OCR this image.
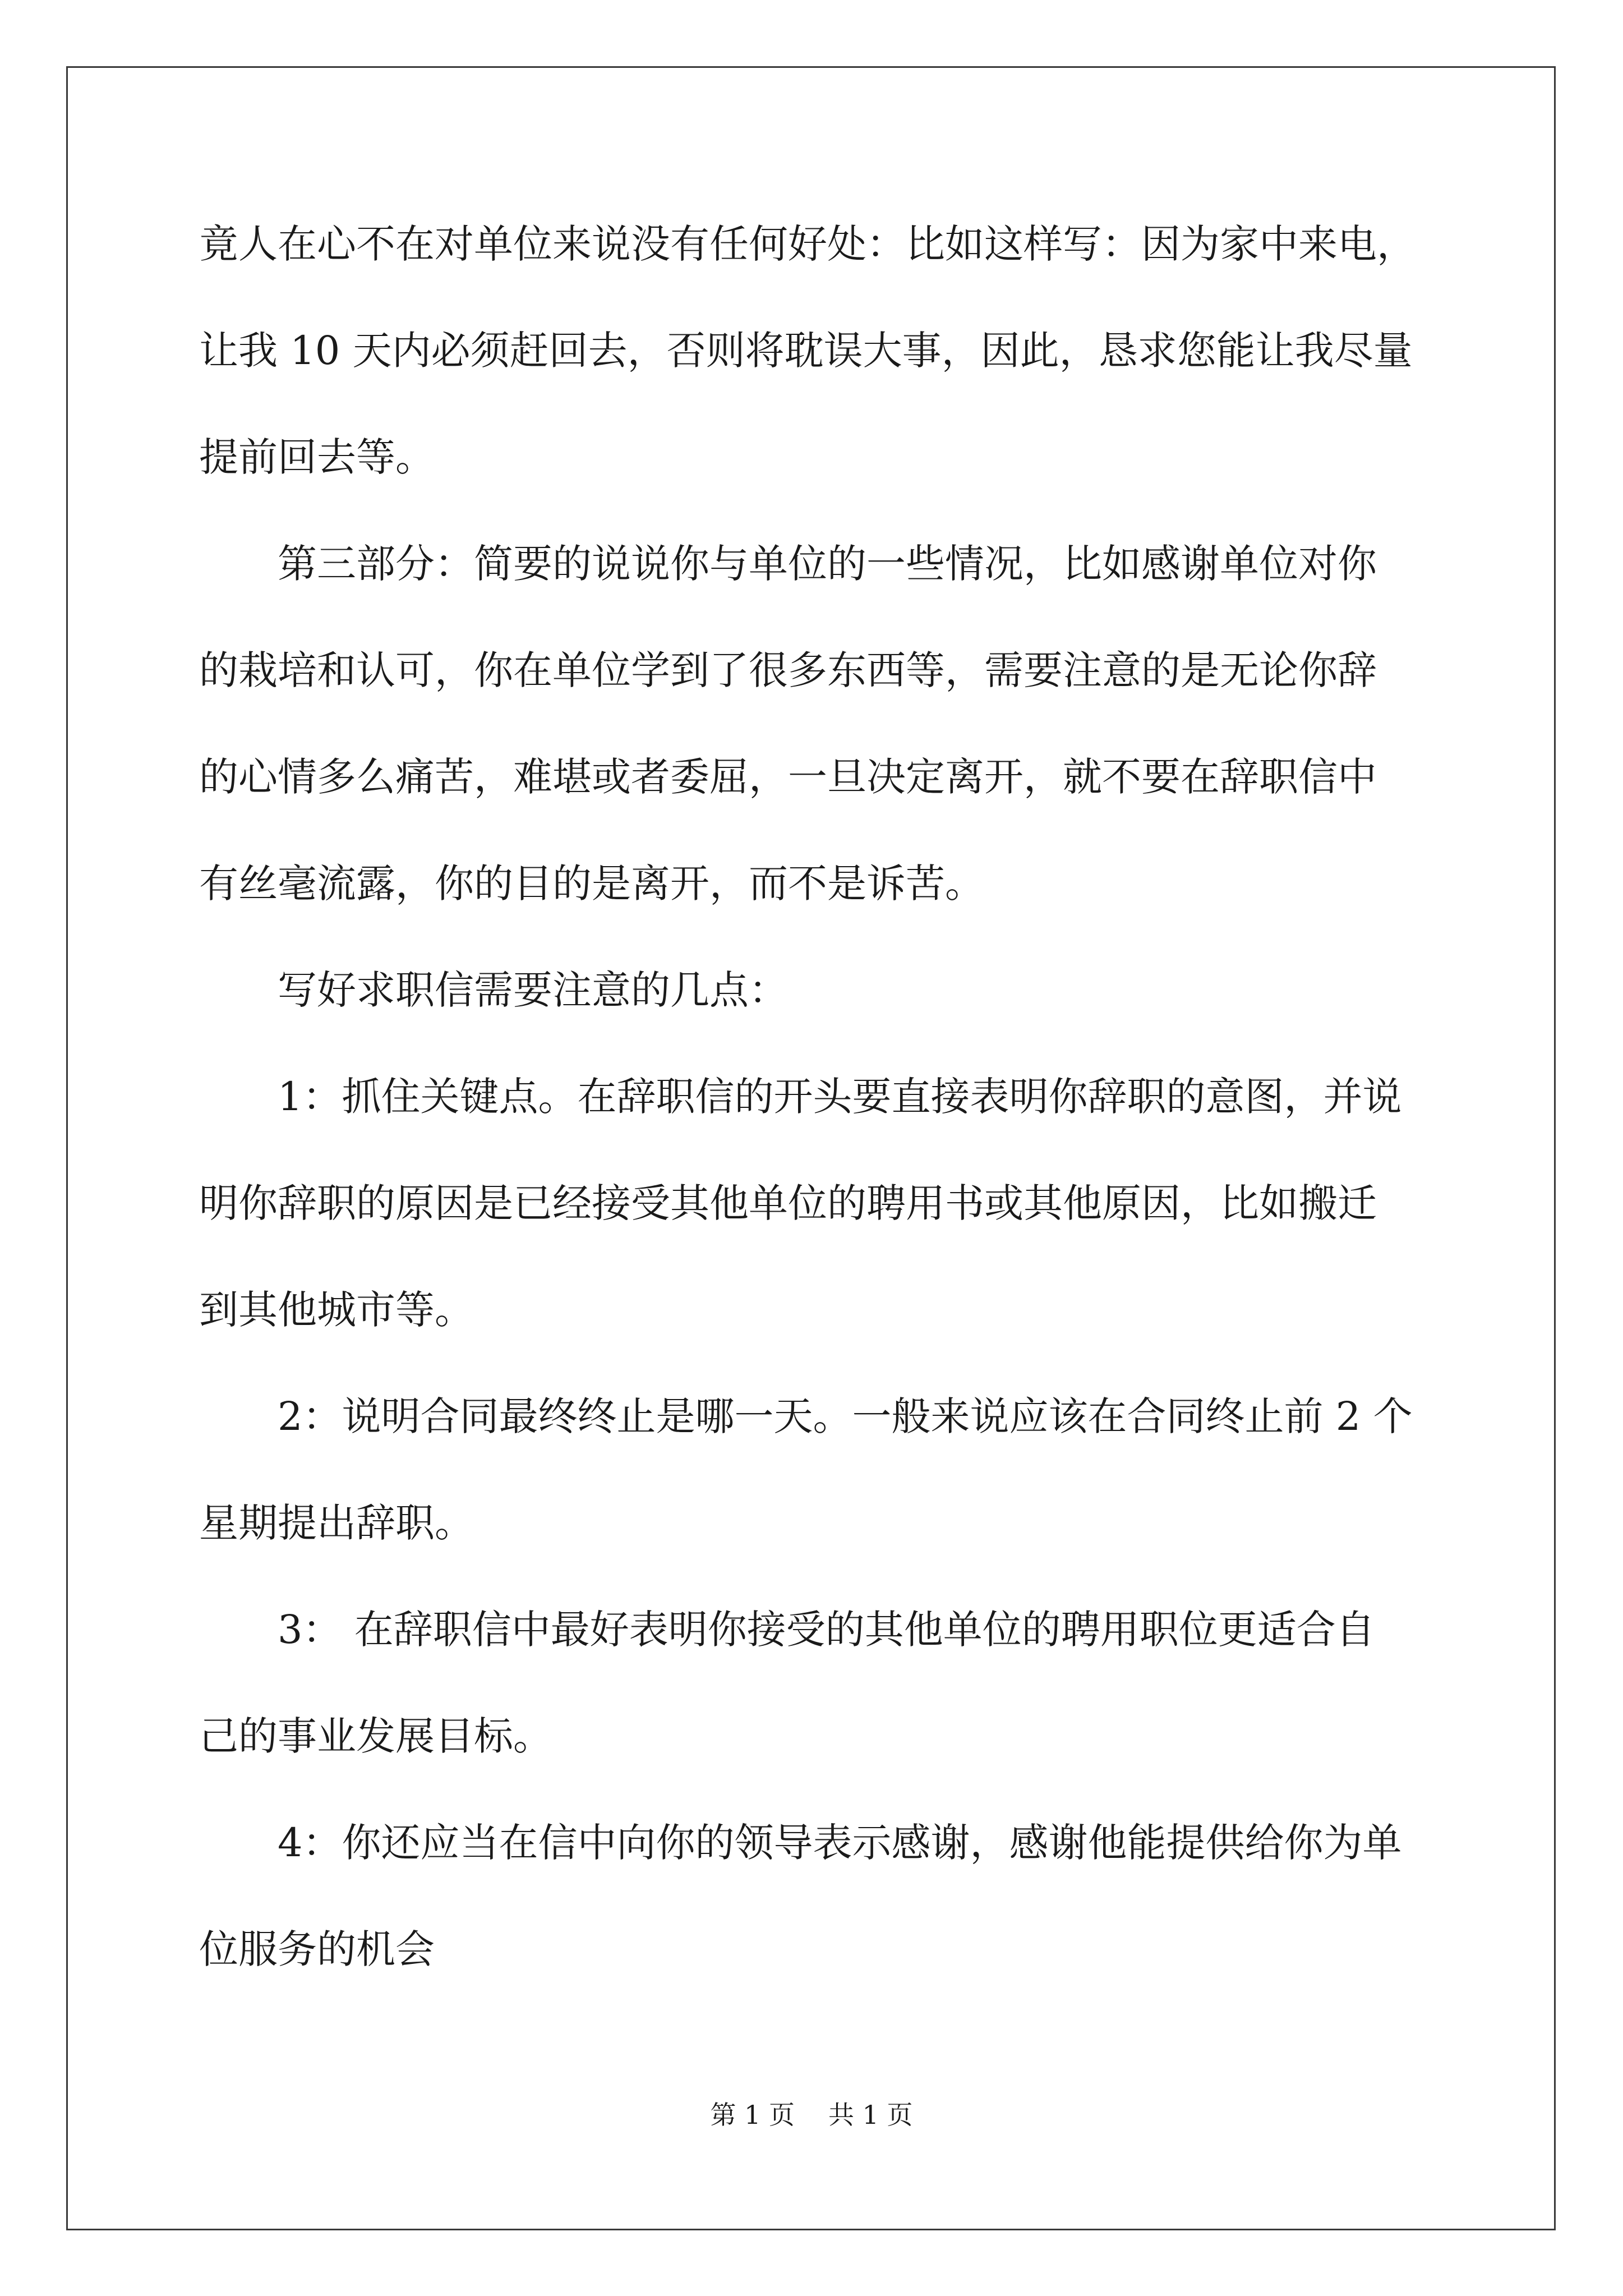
竟人在心不在对单位来说没有任何好处：比如这样写：因为家中来电，
让我 10 天内必须赶回去，否则将耽误大事，因此，恳求您能让我尽量
提前回去等。
第三部分：简要的说说你与单位的一些情况，比如感谢单位对你
的栽培和认可，你在单位学到了很多东西等，需要注意的是无论你辞
的心情多么痛苦，难堪或者委屈，一旦决定离开，就不要在辞职信中
有丝毫流露，你的目的是离开，而不是诉苦。
写好求职信需要注意的几点：
1：抓住关键点。在辞职信的开头要直接表明你辞职的意图，并说
明你辞职的原因是已经接受其他单位的聘用书或其他原因，比如搬迁
到其他城市等。
2：说明合同最终终止是哪一天。一般来说应该在合同终止前 2 个
星期提出辞职。
3： 在辞职信中最好表明你接受的其他单位的聘用职位更适合自
己的事业发展目标。
4：你还应当在信中向你的领导表示感谢，感谢他能提供给你为单
位服务的机会
第 1 页 共 1 页
